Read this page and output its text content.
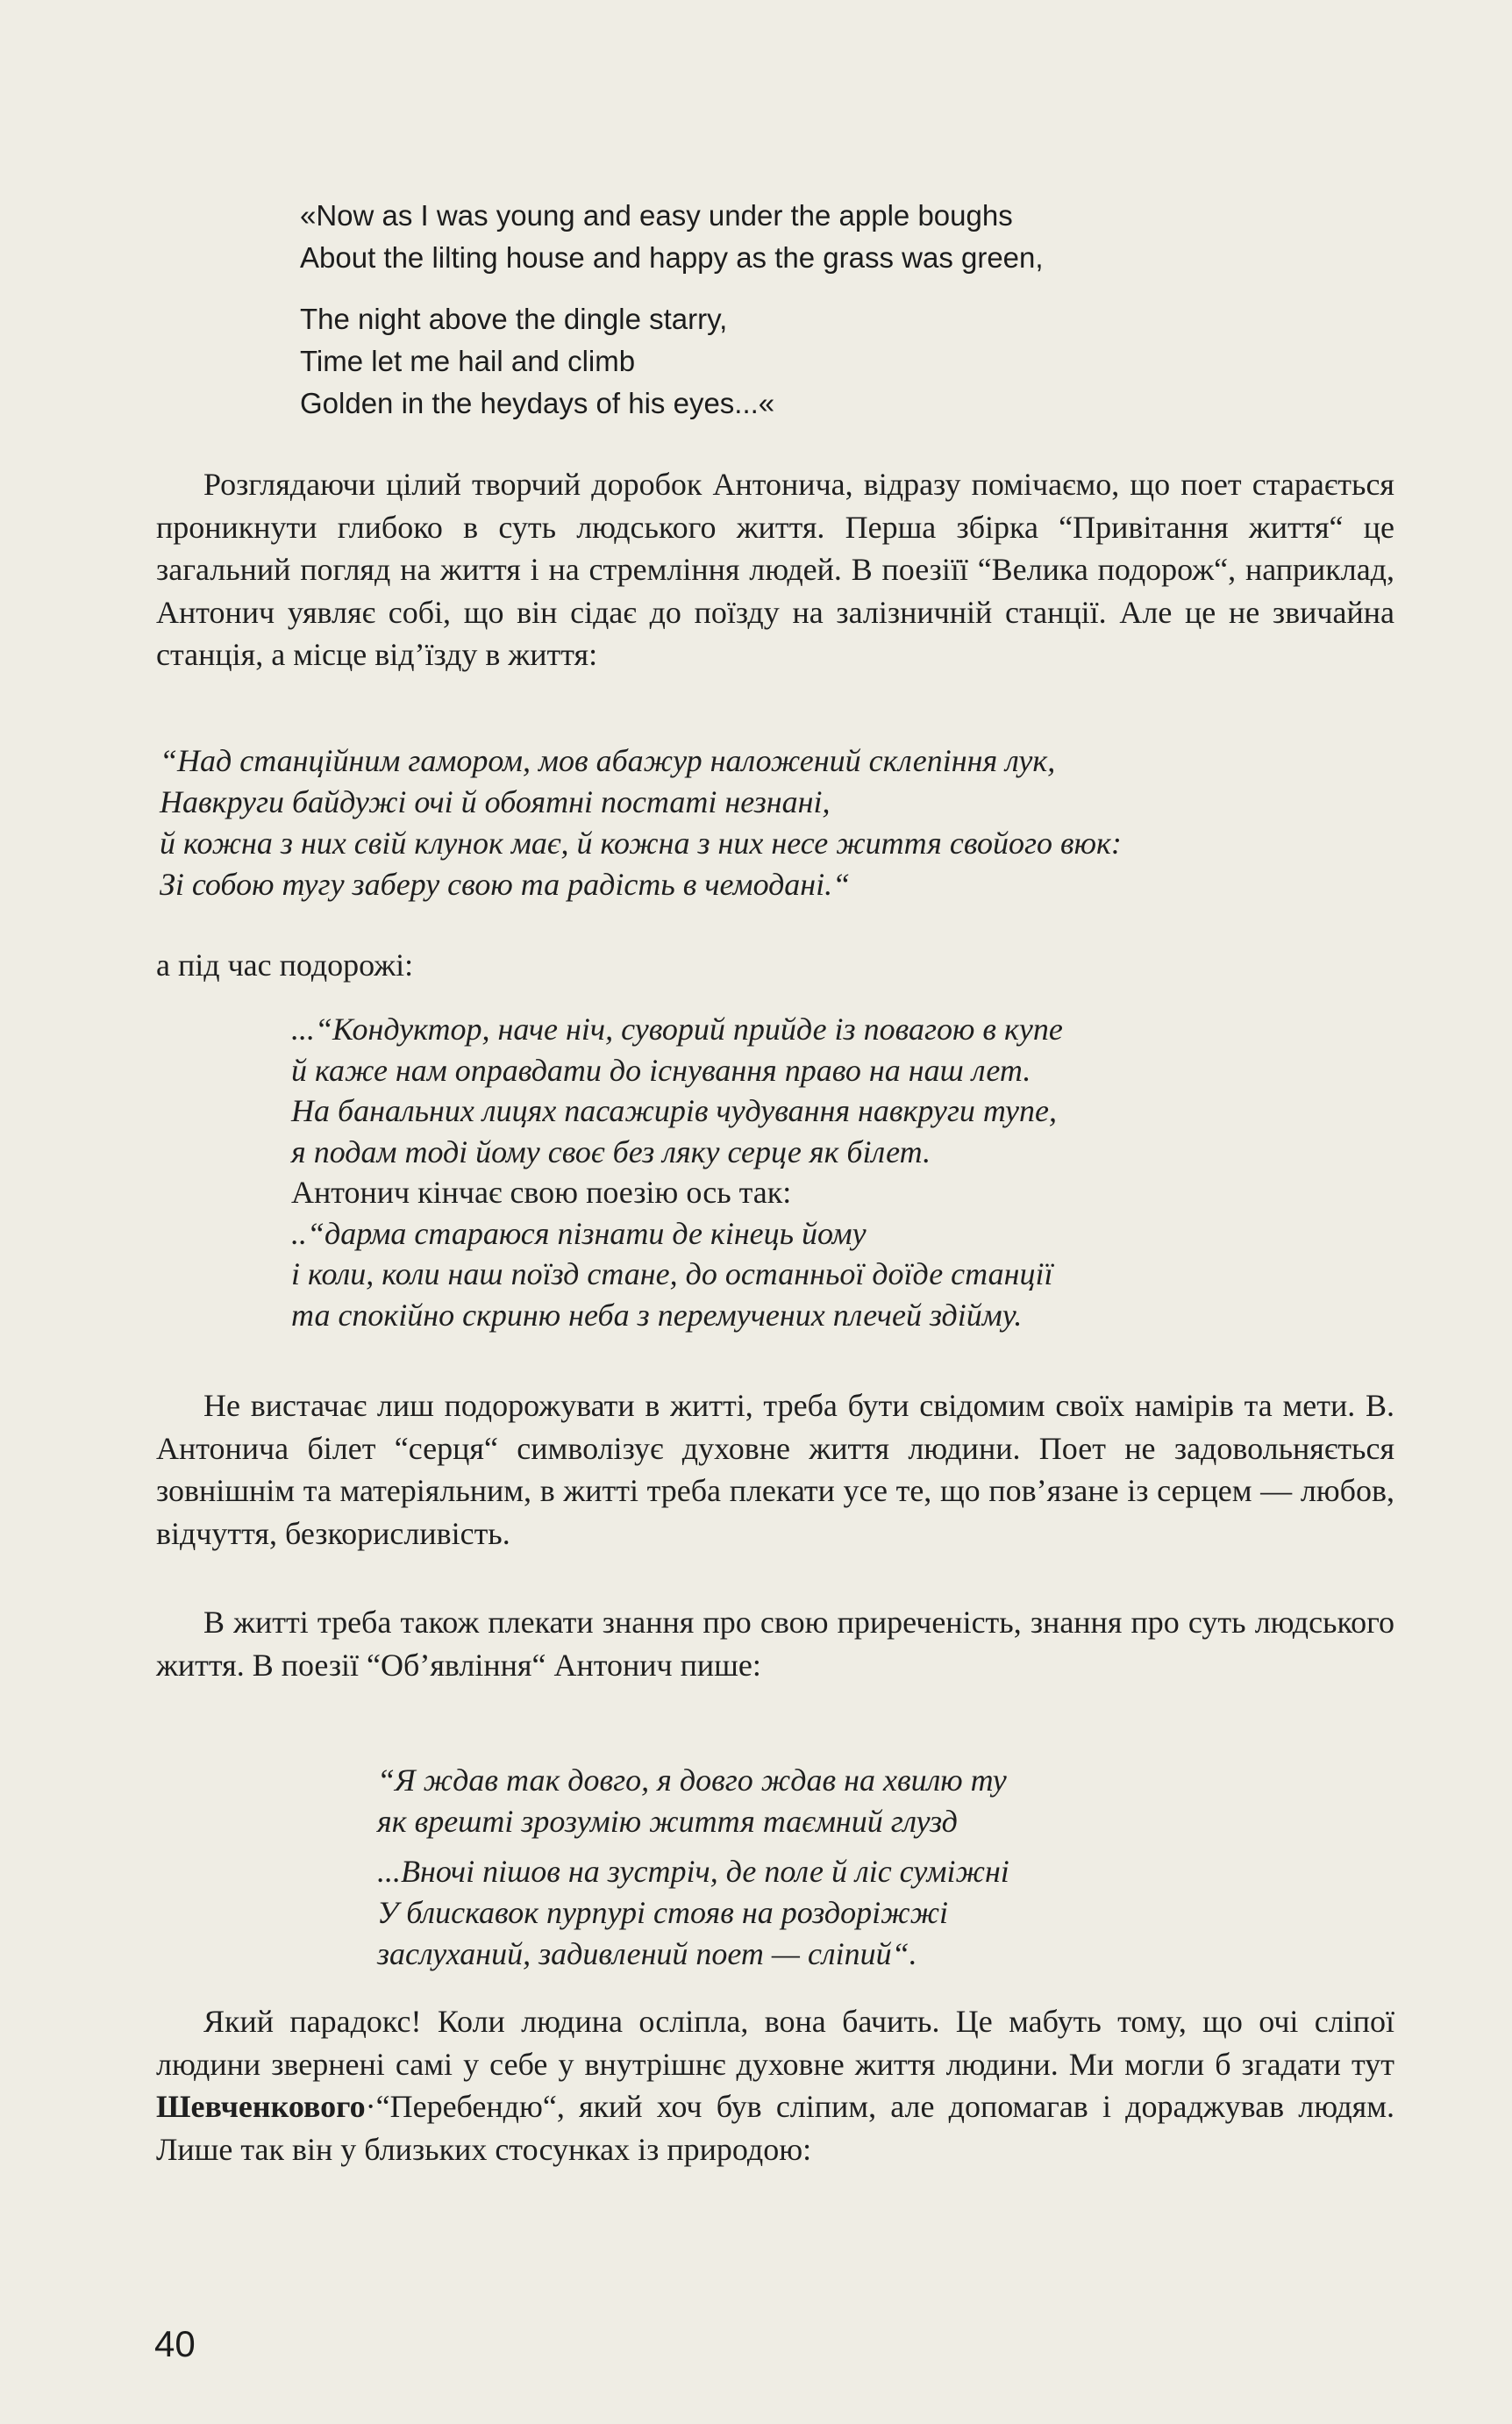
«Now as I was young and easy under the apple boughs
About the lilting house and happy as the grass was green,
The night above the dingle starry,
Time let me hail and climb
Golden in the heydays of his eyes...«

Розглядаючи цілий творчий доробок Антонича, відразу помічаємо, що поет старається проникнути глибоко в суть людського життя. Перша збірка “Привітання життя“ це загальний погляд на життя і на стремління людей. В поезіїї “Велика подорож“, наприклад, Антонич уявляє собі, що він сідає до поїзду на залізничній станції. Але це не звичайна станція, а місце від’їзду в життя:

“Над станційним гамором, мов абажур наложений склепіння лук,
Навкруги байдужі очі й обоятні постаті незнані,
й кожна з них свій клунок має, й кожна з них несе життя свойого вюк:
Зі собою тугу заберу свою та радість в чемодані.“
а під час подорожі:
...“Кондуктор, наче ніч, суворий прийде із повагою в купе
й каже нам оправдати до існування право на наш лет.
На банальних лицях пасажирів чудування навкруги тупе,
я подам тоді йому своє без ляку серце як білет.
Антонич кінчає свою поезію ось так:
..“дарма стараюся пізнати де кінець йому
і коли, коли наш поїзд стане, до останньої доїде станції
та спокійно скриню неба з перемучених плечей здійму.

Не вистачає лиш подорожувати в житті, треба бути свідомим своїх намірів та мети. В. Антонича білет “серця“ символізує духовне життя людини. Поет не задовольняється зовнішнім та матеріяльним, в житті треба плекати усе те, що пов’язане із серцем — любов, відчуття, безкорисливість.

В житті треба також плекати знання про свою приреченість, знання про суть людського життя. В поезії “Об’явління“ Антонич пише:

“Я ждав так довго, я довго ждав на хвилю ту
як врешті зрозумію життя таємний глузд
...Вночі пішов на зустріч, де поле й ліс суміжні
У блискавок пурпурі стояв на роздоріжжі
заслуханий, задивлений поет — сліпий“.

Який парадокс! Коли людина осліпла, вона бачить. Це мабуть тому, що очі сліпої людини звернені самі у себе у внутрішнє духовне життя людини. Ми могли б згадати тут Шевченкового·“Перебендю“, який хоч був сліпим, але допомагав і дораджував людям. Лише так він у близьких стосунках із природою:

40
